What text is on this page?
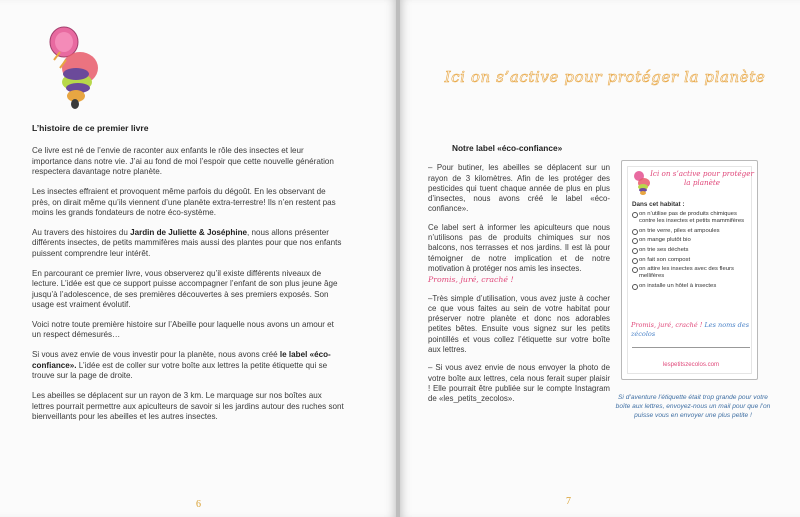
L’histoire de ce premier livre

Ce livre est né de l’envie de raconter aux enfants le rôle des insectes et leur importance dans notre vie. J’ai au fond de moi l’espoir que cette nouvelle génération respectera davantage notre planète.

Les insectes effraient et provoquent même parfois du dégoût. En les observant de près, on dirait même qu’ils viennent d’une planète extra-terrestre! Ils n’en restent pas moins les grands fondateurs de notre éco-système.

Au travers des histoires du Jardin de Juliette & Joséphine, nous allons présenter différents insectes, de petits mammifères mais aussi des plantes pour que nos enfants puissent comprendre leur intérêt.

En parcourant ce premier livre, vous observerez qu’il existe différents niveaux de lecture. L’idée est que ce support puisse accompagner l’enfant de son plus jeune âge jusqu’à l’adolescence, de ses premières découvertes à ses premiers exposés. Son usage est vraiment évolutif.

Voici notre toute première histoire sur l’Abeille pour laquelle nous avons un amour et un respect démesurés…

Si vous avez envie de vous investir pour la planète, nous avons créé le label «éco-confiance». L’idée est de coller sur votre boîte aux lettres la petite étiquette qui se trouve sur la page de droite.

Les abeilles se déplacent sur un rayon de 3 km. Le marquage sur nos boîtes aux lettres pourrait permettre aux apiculteurs de savoir si les jardins autour des ruches sont bienveillants pour les abeilles et les autres insectes.

6
Ici on s’active pour protéger la planète
Notre label «éco-confiance»

– Pour butiner, les abeilles se déplacent sur un rayon de 3 kilomètres. Afin de les protéger des pesticides qui tuent chaque année de plus en plus d’insectes, nous avons créé le label «éco-confiance».

Ce label sert à informer les apiculteurs que nous n’utilisons pas de produits chimiques sur nos balcons, nos terrasses et nos jardins. Il est là pour témoigner de notre implication et de notre motivation à protéger nos amis les insectes.
Promis, juré, craché !

–Très simple d’utilisation, vous avez juste à cocher ce que vous faites au sein de votre habitat pour préserver notre planète et donc nos adorables petites bêtes. Ensuite vous signez sur les petits pointillés et vous collez l’étiquette sur votre boîte aux lettres.

– Si vous avez envie de nous envoyer la photo de votre boîte aux lettres, cela nous ferait super plaisir ! Elle pourrait être publiée sur le compte Instagram de «les_petits_zecolos».

Ici on s’active pour protéger la planète
Dans cet habitat :
on n’utilise pas de produits chimiques contre les insectes et petits mammifères
on trie verre, piles et ampoules
on mange plutôt bio
on trie ses déchets
on fait son compost
on attire les insectes avec des fleurs mellifères
on installe un hôtel à insectes
Promis, juré, craché ! Les noms des zécolos
lespetitszecolos.com
Si d’aventure l’étiquette était trop grande pour votre boîte aux lettres, envoyez-nous un mail pour que l’on puisse vous en envoyer une plus petite !
7
